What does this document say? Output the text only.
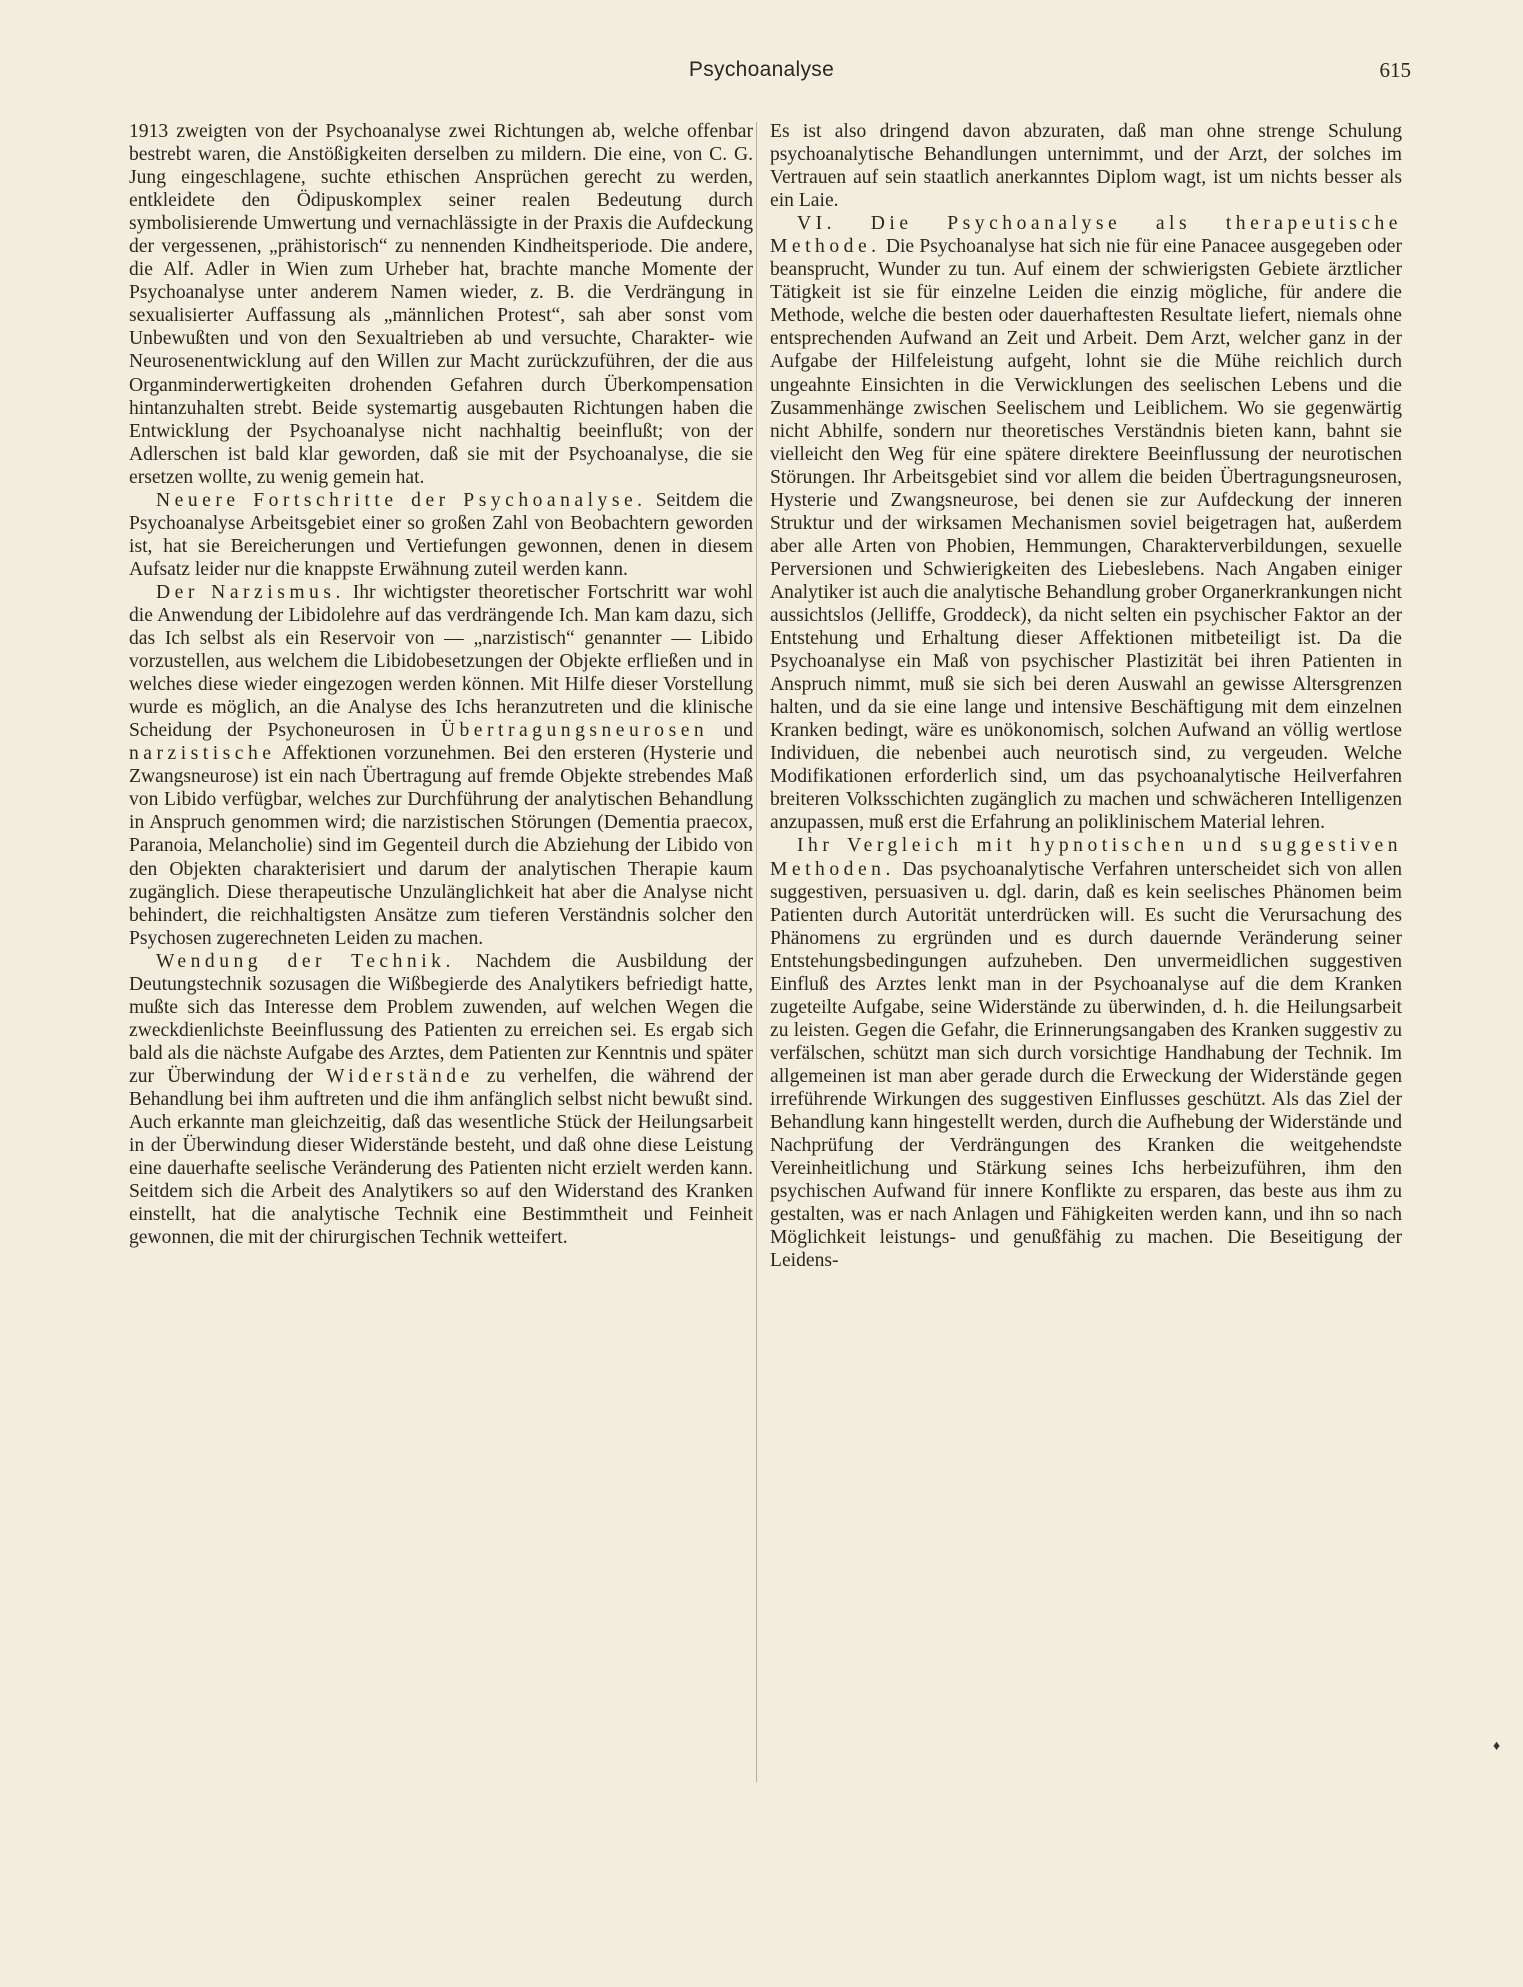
Psychoanalyse	615

1913 zweigten von der Psychoanalyse zwei Richtungen ab, welche offenbar bestrebt waren, die Anstößigkeiten derselben zu mildern. Die eine, von C. G. Jung eingeschlagene, suchte ethischen Ansprüchen gerecht zu werden, entkleidete den Ödipuskomplex seiner realen Bedeutung durch symbolisierende Umwertung und vernachlässigte in der Praxis die Aufdeckung der vergessenen, „prähistorisch“ zu nennenden Kindheitsperiode. Die andere, die Alf. Adler in Wien zum Urheber hat, brachte manche Momente der Psychoanalyse unter anderem Namen wieder, z. B. die Verdrängung in sexualisierter Auffassung als „männlichen Protest“, sah aber sonst vom Unbewußten und von den Sexualtrieben ab und versuchte, Charakter- wie Neurosenentwicklung auf den Willen zur Macht zurückzuführen, der die aus Organminderwertigkeiten drohenden Gefahren durch Überkompensation hintanzuhalten strebt. Beide systemartig ausgebauten Richtungen haben die Entwicklung der Psychoanalyse nicht nachhaltig beeinflußt; von der Adlerschen ist bald klar geworden, daß sie mit der Psychoanalyse, die sie ersetzen wollte, zu wenig gemein hat.

Neuere Fortschritte der Psychoanalyse. Seitdem die Psychoanalyse Arbeitsgebiet einer so großen Zahl von Beobachtern geworden ist, hat sie Bereicherungen und Vertiefungen gewonnen, denen in diesem Aufsatz leider nur die knappste Erwähnung zuteil werden kann.

Der Narzismus. Ihr wichtigster theoretischer Fortschritt war wohl die Anwendung der Libidolehre auf das verdrängende Ich. Man kam dazu, sich das Ich selbst als ein Reservoir von — „narzistisch“ genannter — Libido vorzustellen, aus welchem die Libidobesetzungen der Objekte erfließen und in welches diese wieder eingezogen werden können. Mit Hilfe dieser Vorstellung wurde es möglich, an die Analyse des Ichs heranzutreten und die klinische Scheidung der Psychoneurosen in Übertragungsneurosen und narzistische Affektionen vorzunehmen. Bei den ersteren (Hysterie und Zwangsneurose) ist ein nach Übertragung auf fremde Objekte strebendes Maß von Libido verfügbar, welches zur Durchführung der analytischen Behandlung in Anspruch genommen wird; die narzistischen Störungen (Dementia praecox, Paranoia, Melancholie) sind im Gegenteil durch die Abziehung der Libido von den Objekten charakterisiert und darum der analytischen Therapie kaum zugänglich. Diese therapeutische Unzulänglichkeit hat aber die Analyse nicht behindert, die reichhaltigsten Ansätze zum tieferen Verständnis solcher den Psychosen zugerechneten Leiden zu machen.

Wendung der Technik. Nachdem die Ausbildung der Deutungstechnik sozusagen die Wißbegierde des Analytikers befriedigt hatte, mußte sich das Interesse dem Problem zuwenden, auf welchen Wegen die zweckdienlichste Beeinflussung des Patienten zu erreichen sei. Es ergab sich bald als die nächste Aufgabe des Arztes, dem Patienten zur Kenntnis und später zur Überwindung der Widerstände zu verhelfen, die während der Behandlung bei ihm auftreten und die ihm anfänglich selbst nicht bewußt sind. Auch erkannte man gleichzeitig, daß das wesentliche Stück der Heilungsarbeit in der Überwindung dieser Widerstände besteht, und daß ohne diese Leistung eine dauerhafte seelische Veränderung des Patienten nicht erzielt werden kann. Seitdem sich die Arbeit des Analytikers so auf den Widerstand des Kranken einstellt, hat die analytische Technik eine Bestimmtheit und Feinheit gewonnen, die mit der chirurgischen Technik wetteifert.

Es ist also dringend davon abzuraten, daß man ohne strenge Schulung psychoanalytische Behandlungen unternimmt, und der Arzt, der solches im Vertrauen auf sein staatlich anerkanntes Diplom wagt, ist um nichts besser als ein Laie.

VI. Die Psychoanalyse als therapeutische Methode. Die Psychoanalyse hat sich nie für eine Panacee ausgegeben oder beansprucht, Wunder zu tun. Auf einem der schwierigsten Gebiete ärztlicher Tätigkeit ist sie für einzelne Leiden die einzig mögliche, für andere die Methode, welche die besten oder dauerhaftesten Resultate liefert, niemals ohne entsprechenden Aufwand an Zeit und Arbeit. Dem Arzt, welcher ganz in der Aufgabe der Hilfeleistung aufgeht, lohnt sie die Mühe reichlich durch ungeahnte Einsichten in die Verwicklungen des seelischen Lebens und die Zusammenhänge zwischen Seelischem und Leiblichem. Wo sie gegenwärtig nicht Abhilfe, sondern nur theoretisches Verständnis bieten kann, bahnt sie vielleicht den Weg für eine spätere direktere Beeinflussung der neurotischen Störungen. Ihr Arbeitsgebiet sind vor allem die beiden Übertragungsneurosen, Hysterie und Zwangsneurose, bei denen sie zur Aufdeckung der inneren Struktur und der wirksamen Mechanismen soviel beigetragen hat, außerdem aber alle Arten von Phobien, Hemmungen, Charakterverbildungen, sexuelle Perversionen und Schwierigkeiten des Liebeslebens. Nach Angaben einiger Analytiker ist auch die analytische Behandlung grober Organerkrankungen nicht aussichtslos (Jelliffe, Groddeck), da nicht selten ein psychischer Faktor an der Entstehung und Erhaltung dieser Affektionen mitbeteiligt ist. Da die Psychoanalyse ein Maß von psychischer Plastizität bei ihren Patienten in Anspruch nimmt, muß sie sich bei deren Auswahl an gewisse Altersgrenzen halten, und da sie eine lange und intensive Beschäftigung mit dem einzelnen Kranken bedingt, wäre es unökonomisch, solchen Aufwand an völlig wertlose Individuen, die nebenbei auch neurotisch sind, zu vergeuden. Welche Modifikationen erforderlich sind, um das psychoanalytische Heilverfahren breiteren Volksschichten zugänglich zu machen und schwächeren Intelligenzen anzupassen, muß erst die Erfahrung an poliklinischem Material lehren.

Ihr Vergleich mit hypnotischen und suggestiven Methoden. Das psychoanalytische Verfahren unterscheidet sich von allen suggestiven, persuasiven u. dgl. darin, daß es kein seelisches Phänomen beim Patienten durch Autorität unterdrücken will. Es sucht die Verursachung des Phänomens zu ergründen und es durch dauernde Veränderung seiner Entstehungsbedingungen aufzuheben. Den unvermeidlichen suggestiven Einfluß des Arztes lenkt man in der Psychoanalyse auf die dem Kranken zugeteilte Aufgabe, seine Widerstände zu überwinden, d. h. die Heilungsarbeit zu leisten. Gegen die Gefahr, die Erinnerungsangaben des Kranken suggestiv zu verfälschen, schützt man sich durch vorsichtige Handhabung der Technik. Im allgemeinen ist man aber gerade durch die Erweckung der Widerstände gegen irreführende Wirkungen des suggestiven Einflusses geschützt. Als das Ziel der Behandlung kann hingestellt werden, durch die Aufhebung der Widerstände und Nachprüfung der Verdrängungen des Kranken die weitgehendste Vereinheitlichung und Stärkung seines Ichs herbeizuführen, ihm den psychischen Aufwand für innere Konflikte zu ersparen, das beste aus ihm zu gestalten, was er nach Anlagen und Fähigkeiten werden kann, und ihn so nach Möglichkeit leistungs- und genußfähig zu machen. Die Beseitigung der Leidens-

♦
